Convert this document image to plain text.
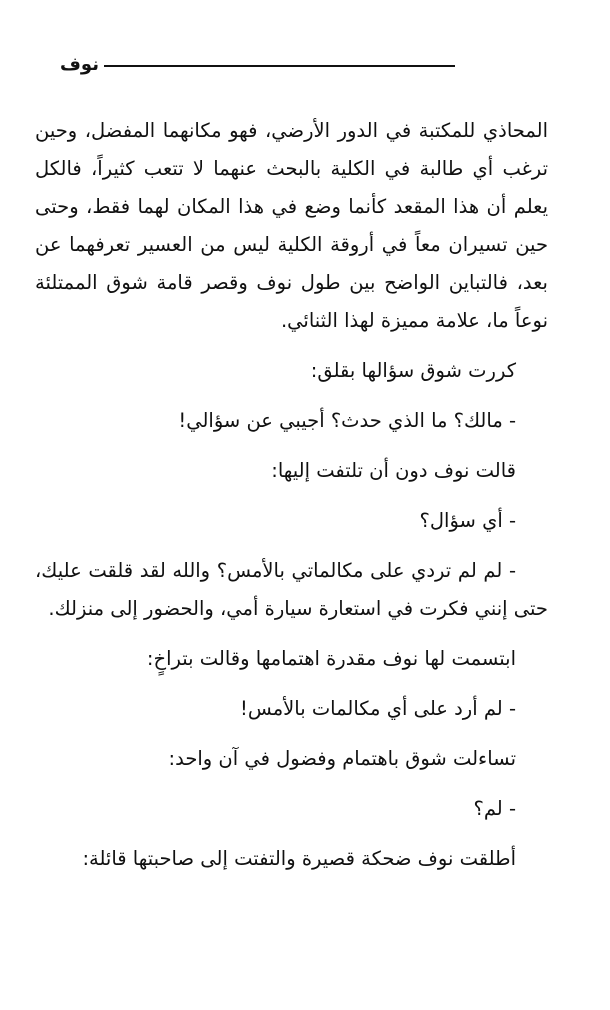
نوف

المحاذي للمكتبة في الدور الأرضي، فهو مكانهما المفضل، وحين ترغب أي طالبة في الكلية بالبحث عنهما لا تتعب كثيراً، فالكل يعلم أن هذا المقعد كأنما وضع في هذا المكان لهما فقط، وحتى حين تسيران معاً في أروقة الكلية ليس من العسير تعرفهما عن بعد، فالتباين الواضح بين طول نوف وقصر قامة شوق الممتلئة نوعاً ما، علامة مميزة لهذا الثنائي.

كررت شوق سؤالها بقلق:

- مالك؟ ما الذي حدث؟ أجيبي عن سؤالي!

قالت نوف دون أن تلتفت إليها:

- أي سؤال؟

- لم لم تردي على مكالماتي بالأمس؟ والله لقد قلقت عليك، حتى إنني فكرت في استعارة سيارة أمي، والحضور إلى منزلك.

ابتسمت لها نوف مقدرة اهتمامها وقالت بتراخٍ:

- لم أرد على أي مكالمات بالأمس!

تساءلت شوق باهتمام وفضول في آن واحد:

- لم؟

أطلقت نوف ضحكة قصيرة والتفتت إلى صاحبتها قائلة:
